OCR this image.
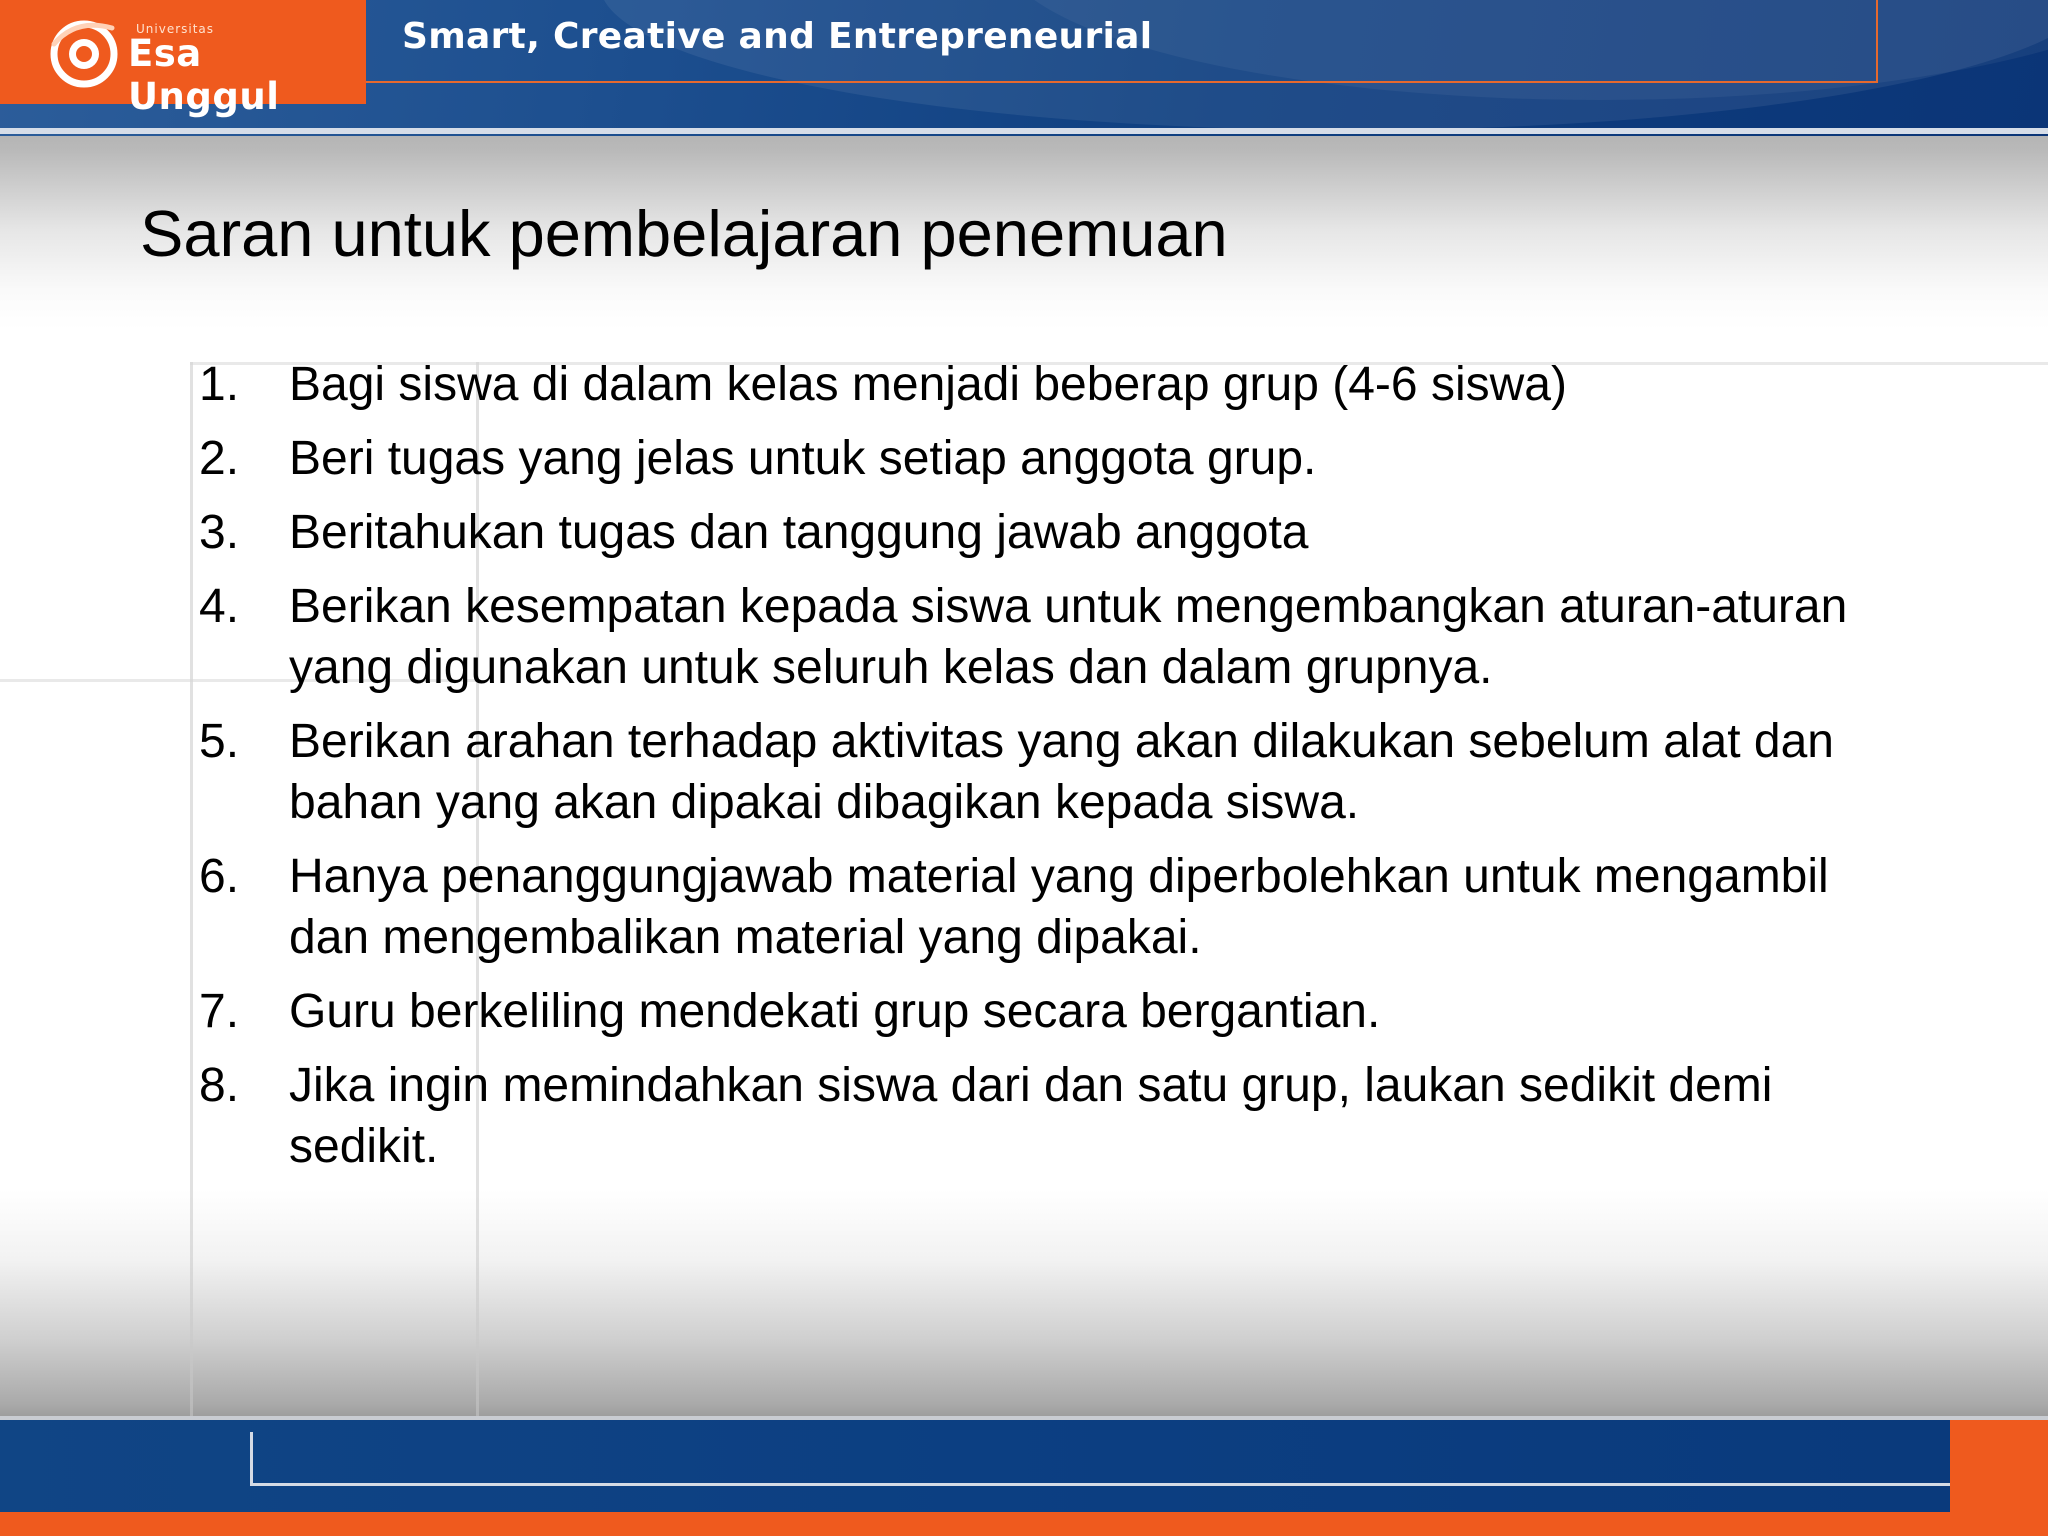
Smart, Creative and Entrepreneurial
Universitas
Esa Unggul
Saran untuk pembelajaran penemuan
1.	Bagi siswa di dalam kelas menjadi beberap grup (4-6 siswa)
2.	Beri tugas yang jelas untuk setiap anggota grup.
3.	Beritahukan tugas dan tanggung jawab anggota
4.	Berikan kesempatan kepada siswa untuk mengembangkan aturan-aturan yang digunakan untuk seluruh kelas dan dalam grupnya.
5.	Berikan arahan terhadap aktivitas yang akan dilakukan sebelum alat dan bahan yang akan dipakai dibagikan kepada siswa.
6.	Hanya penanggungjawab material yang diperbolehkan untuk mengambil dan mengembalikan material yang dipakai.
7.	Guru berkeliling mendekati grup secara bergantian.
8.	Jika ingin memindahkan siswa dari dan satu grup, laukan sedikit demi sedikit.
